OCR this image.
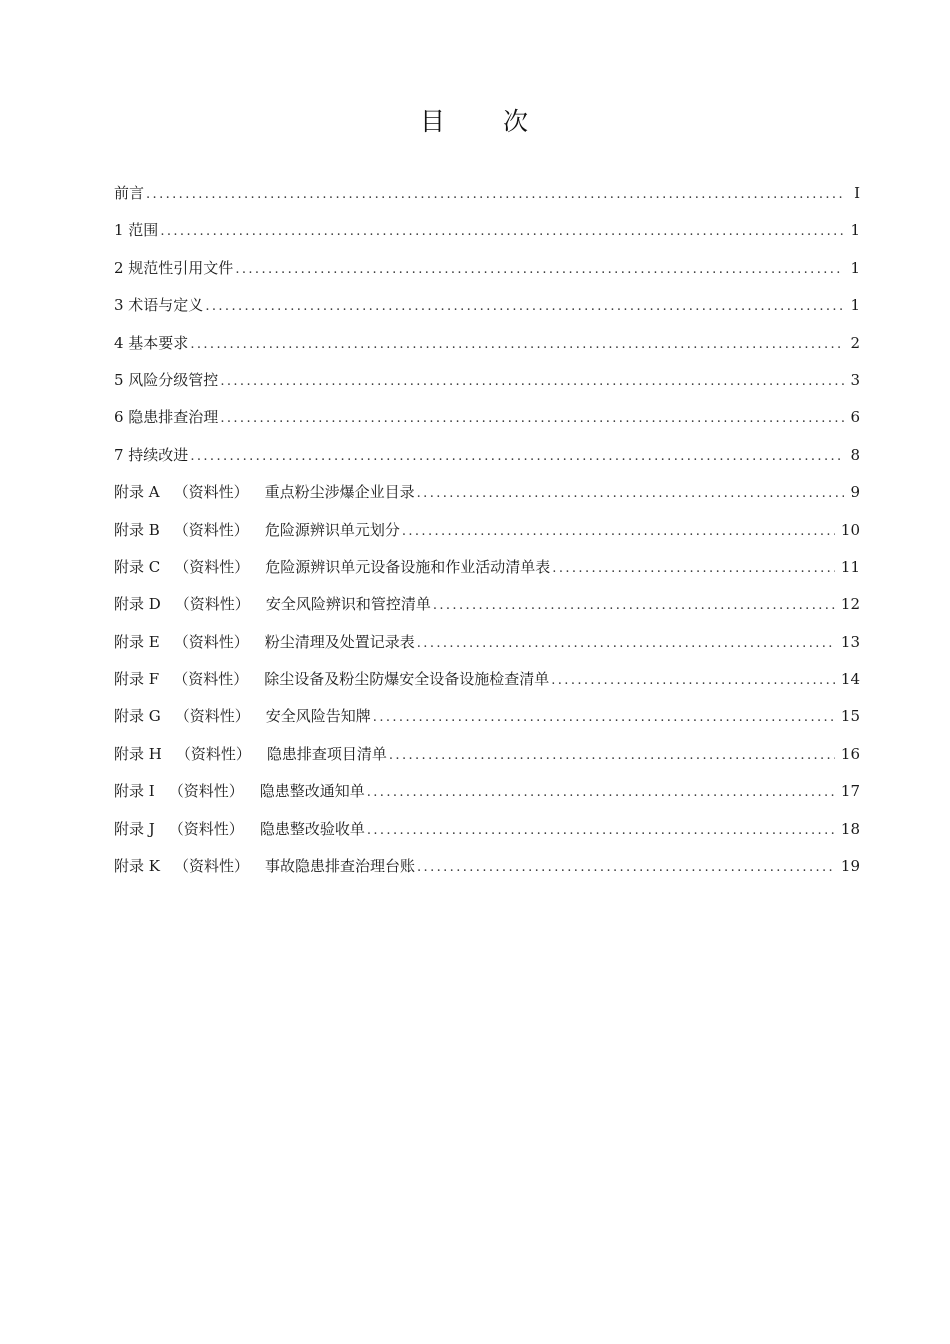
目 次
前言 .....	I
1 范围 .....	1
2 规范性引用文件 .....	1
3 术语与定义 .....	1
4 基本要求 .....	2
5 风险分级管控 .....	3
6 隐患排查治理 .....	6
7 持续改进 .....	8
附录 A （资料性） 重点粉尘涉爆企业目录 .....	9
附录 B （资料性） 危险源辨识单元划分 .....	10
附录 C （资料性） 危险源辨识单元设备设施和作业活动清单表 .....	11
附录 D （资料性） 安全风险辨识和管控清单 .....	12
附录 E （资料性） 粉尘清理及处置记录表 .....	13
附录 F （资料性） 除尘设备及粉尘防爆安全设备设施检查清单 .....	14
附录 G （资料性） 安全风险告知牌 .....	15
附录 H （资料性） 隐患排查项目清单 .....	16
附录 I （资料性） 隐患整改通知单 .....	17
附录 J （资料性） 隐患整改验收单 .....	18
附录 K （资料性） 事故隐患排查治理台账 .....	19
